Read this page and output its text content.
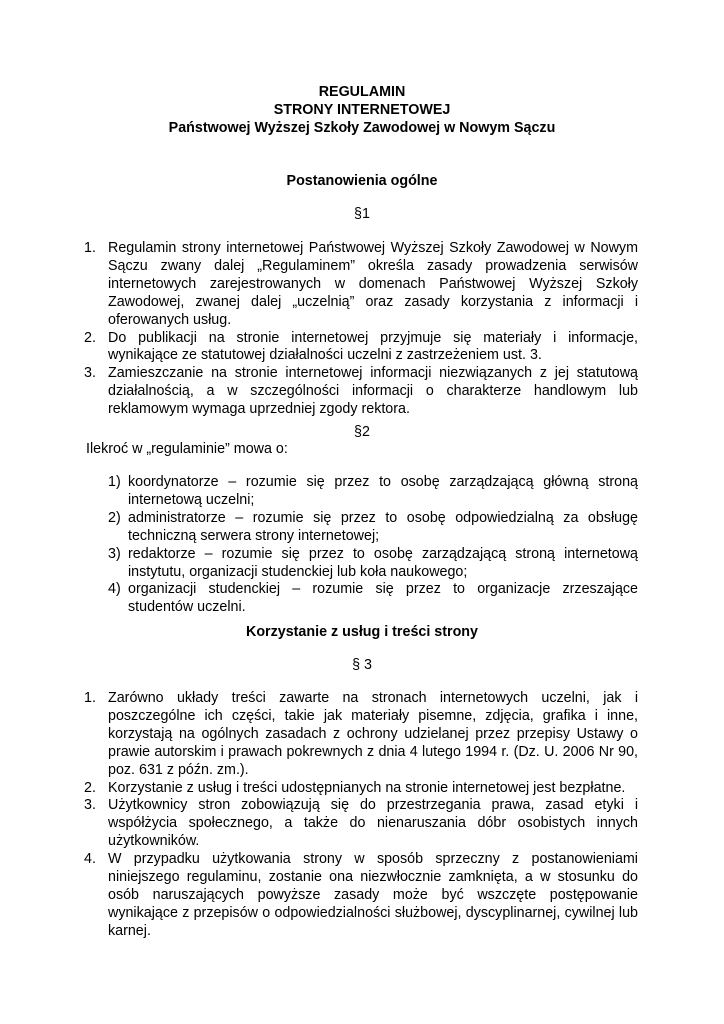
REGULAMIN
STRONY INTERNETOWEJ
Państwowej Wyższej Szkoły Zawodowej w Nowym Sączu
Postanowienia ogólne
§1
1. Regulamin strony internetowej Państwowej Wyższej Szkoły Zawodowej w Nowym Sączu zwany dalej „Regulaminem” określa zasady prowadzenia serwisów internetowych zarejestrowanych w domenach Państwowej Wyższej Szkoły Zawodowej, zwanej dalej „uczelnią” oraz zasady korzystania z informacji i oferowanych usług.
2. Do publikacji na stronie internetowej przyjmuje się materiały i informacje, wynikające ze statutowej działalności uczelni z zastrzeżeniem ust. 3.
3. Zamieszczanie na stronie internetowej informacji niezwiązanych z jej statutową działalnością, a w szczególności informacji o charakterze handlowym lub reklamowym wymaga uprzedniej zgody rektora.
§2
Ilekroć w „regulaminie” mowa o:
1) koordynatorze – rozumie się przez to osobę zarządzającą główną stroną internetową uczelni;
2) administratorze – rozumie się przez to osobę odpowiedzialną za obsługę techniczną serwera strony internetowej;
3) redaktorze – rozumie się przez to osobę zarządzającą stroną internetową instytutu, organizacji studenckiej lub koła naukowego;
4) organizacji studenckiej – rozumie się przez to organizacje zrzeszające studentów uczelni.
Korzystanie z usług i treści strony
§ 3
1. Zarówno układy treści zawarte na stronach internetowych uczelni, jak i poszczególne ich części, takie jak materiały pisemne, zdjęcia, grafika i inne, korzystają na ogólnych zasadach z ochrony udzielanej przez przepisy Ustawy o prawie autorskim i prawach pokrewnych z dnia 4 lutego 1994 r. (Dz. U. 2006 Nr 90, poz. 631 z późn. zm.).
2. Korzystanie z usług i treści udostępnianych na stronie internetowej jest bezpłatne.
3. Użytkownicy stron zobowiązują się do przestrzegania prawa, zasad etyki i współżycia społecznego, a także do nienaruszania dóbr osobistych innych użytkowników.
4. W przypadku użytkowania strony w sposób sprzeczny z postanowieniami niniejszego regulaminu, zostanie ona niezwłocznie zamknięta, a w stosunku do osób naruszających powyższe zasady może być wszczęte postępowanie wynikające z przepisów o odpowiedzialności służbowej, dyscyplinarnej, cywilnej lub karnej.
